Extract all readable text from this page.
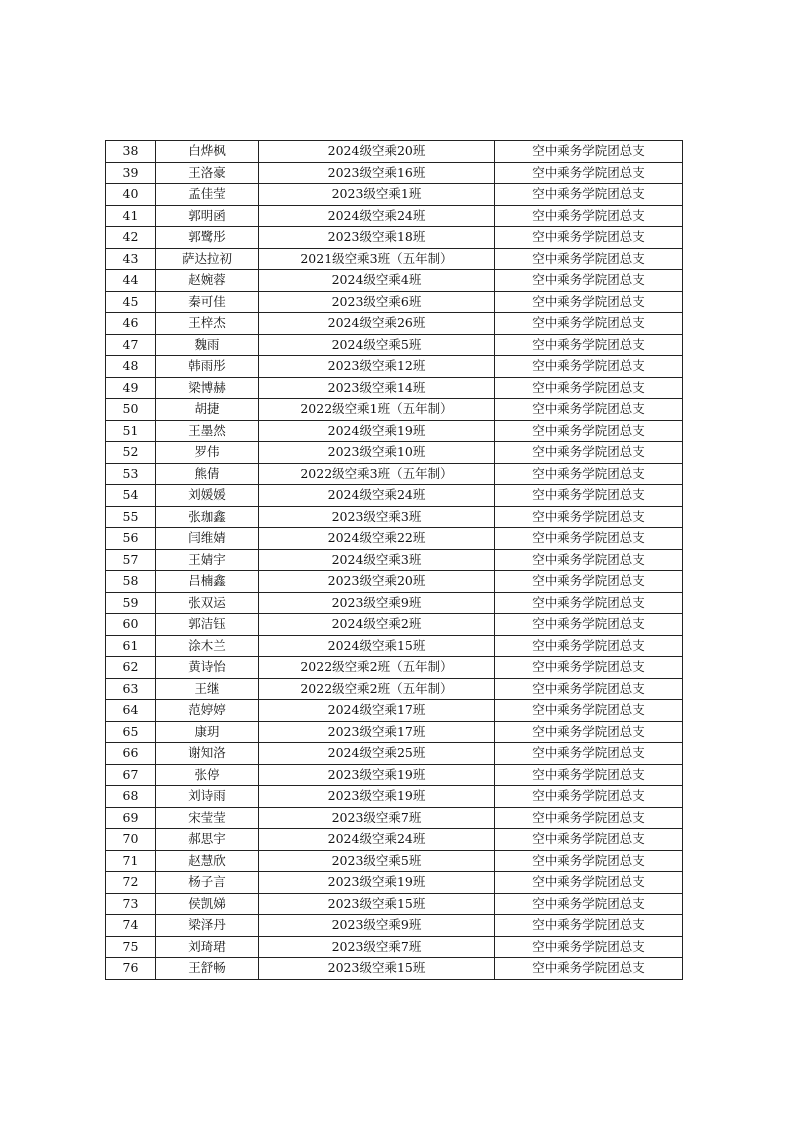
38	白烨枫	2024级空乘20班	空中乘务学院团总支
39	王洛豪	2023级空乘16班	空中乘务学院团总支
40	孟佳莹	2023级空乘1班	空中乘务学院团总支
41	郭明函	2024级空乘24班	空中乘务学院团总支
42	郭鹭彤	2023级空乘18班	空中乘务学院团总支
43	萨达拉初	2021级空乘3班（五年制）	空中乘务学院团总支
44	赵婉蓉	2024级空乘4班	空中乘务学院团总支
45	秦可佳	2023级空乘6班	空中乘务学院团总支
46	王梓杰	2024级空乘26班	空中乘务学院团总支
47	魏雨	2024级空乘5班	空中乘务学院团总支
48	韩雨彤	2023级空乘12班	空中乘务学院团总支
49	梁博赫	2023级空乘14班	空中乘务学院团总支
50	胡捷	2022级空乘1班（五年制）	空中乘务学院团总支
51	王墨然	2024级空乘19班	空中乘务学院团总支
52	罗伟	2023级空乘10班	空中乘务学院团总支
53	熊倩	2022级空乘3班（五年制）	空中乘务学院团总支
54	刘媛媛	2024级空乘24班	空中乘务学院团总支
55	张珈鑫	2023级空乘3班	空中乘务学院团总支
56	闫维婧	2024级空乘22班	空中乘务学院团总支
57	王婧宇	2024级空乘3班	空中乘务学院团总支
58	吕楠鑫	2023级空乘20班	空中乘务学院团总支
59	张双运	2023级空乘9班	空中乘务学院团总支
60	郭洁钰	2024级空乘2班	空中乘务学院团总支
61	涂木兰	2024级空乘15班	空中乘务学院团总支
62	黄诗怡	2022级空乘2班（五年制）	空中乘务学院团总支
63	王继	2022级空乘2班（五年制）	空中乘务学院团总支
64	范婷婷	2024级空乘17班	空中乘务学院团总支
65	康玥	2023级空乘17班	空中乘务学院团总支
66	谢知洛	2024级空乘25班	空中乘务学院团总支
67	张停	2023级空乘19班	空中乘务学院团总支
68	刘诗雨	2023级空乘19班	空中乘务学院团总支
69	宋莹莹	2023级空乘7班	空中乘务学院团总支
70	郝思宇	2024级空乘24班	空中乘务学院团总支
71	赵慧欣	2023级空乘5班	空中乘务学院团总支
72	杨子言	2023级空乘19班	空中乘务学院团总支
73	侯凯娣	2023级空乘15班	空中乘务学院团总支
74	梁泽丹	2023级空乘9班	空中乘务学院团总支
75	刘琦珺	2023级空乘7班	空中乘务学院团总支
76	王舒畅	2023级空乘15班	空中乘务学院团总支
